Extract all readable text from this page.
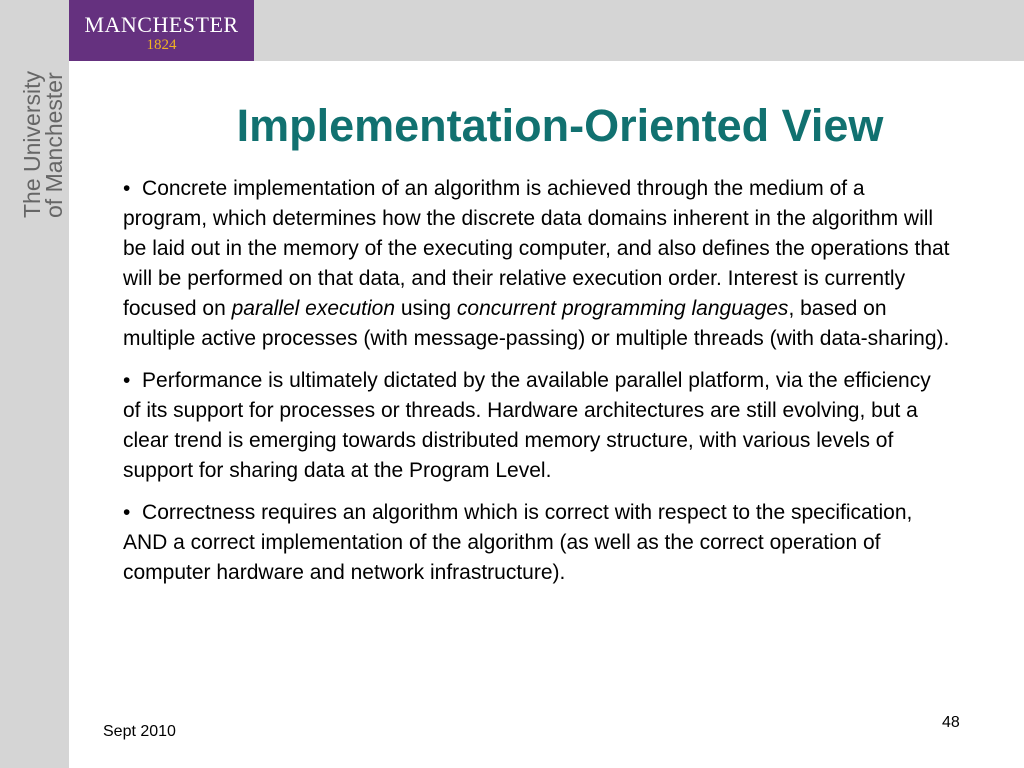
MANCHESTER
1824
The University
of Manchester	Implementation-Oriented View

• Concrete implementation of an algorithm is achieved through the medium of a program, which determines how the discrete data domains inherent in the algorithm will be laid out in the memory of the executing computer, and also defines the operations that will be performed on that data, and their relative execution order. Interest is currently focused on parallel execution using concurrent programming languages, based on multiple active processes (with message-passing) or multiple threads (with data-sharing).

• Performance is ultimately dictated by the available parallel platform, via the efficiency of its support for processes or threads. Hardware architectures are still evolving, but a clear trend is emerging towards distributed memory structure, with various levels of support for sharing data at the Program Level.

• Correctness requires an algorithm which is correct with respect to the specification, AND a correct implementation of the algorithm (as well as the correct operation of computer hardware and network infrastructure).

Sept 2010
48
